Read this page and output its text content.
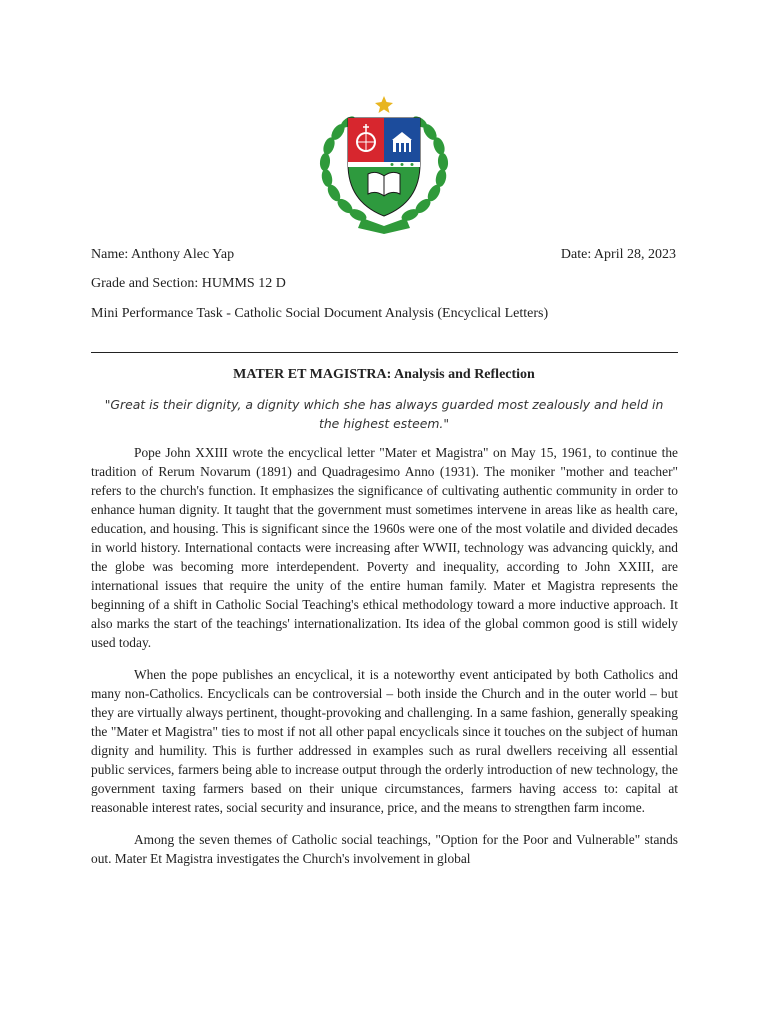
Name: Anthony Alec Yap	Date: April 28, 2023
Grade and Section: HUMMS 12 D
Mini Performance Task - Catholic Social Document Analysis (Encyclical Letters)
MATER ET MAGISTRA: Analysis and Reflection
"Great is their dignity, a dignity which she has always guarded most zealously and held in the highest esteem."

Pope John XXIII wrote the encyclical letter "Mater et Magistra" on May 15, 1961, to continue the tradition of Rerum Novarum (1891) and Quadragesimo Anno (1931). The moniker "mother and teacher" refers to the church's function. It emphasizes the significance of cultivating authentic community in order to enhance human dignity. It taught that the government must sometimes intervene in areas like as health care, education, and housing. This is significant since the 1960s were one of the most volatile and divided decades in world history. International contacts were increasing after WWII, technology was advancing quickly, and the globe was becoming more interdependent. Poverty and inequality, according to John XXIII, are international issues that require the unity of the entire human family. Mater et Magistra represents the beginning of a shift in Catholic Social Teaching's ethical methodology toward a more inductive approach. It also marks the start of the teachings' internationalization. Its idea of the global common good is still widely used today.

When the pope publishes an encyclical, it is a noteworthy event anticipated by both Catholics and many non-Catholics. Encyclicals can be controversial – both inside the Church and in the outer world – but they are virtually always pertinent, thought-provoking and challenging. In a same fashion, generally speaking the "Mater et Magistra" ties to most if not all other papal encyclicals since it touches on the subject of human dignity and humility. This is further addressed in examples such as rural dwellers receiving all essential public services, farmers being able to increase output through the orderly introduction of new technology, the government taxing farmers based on their unique circumstances, farmers having access to: capital at reasonable interest rates, social security and insurance, price, and the means to strengthen farm income.

Among the seven themes of Catholic social teachings, "Option for the Poor and Vulnerable" stands out. Mater Et Magistra investigates the Church's involvement in global
